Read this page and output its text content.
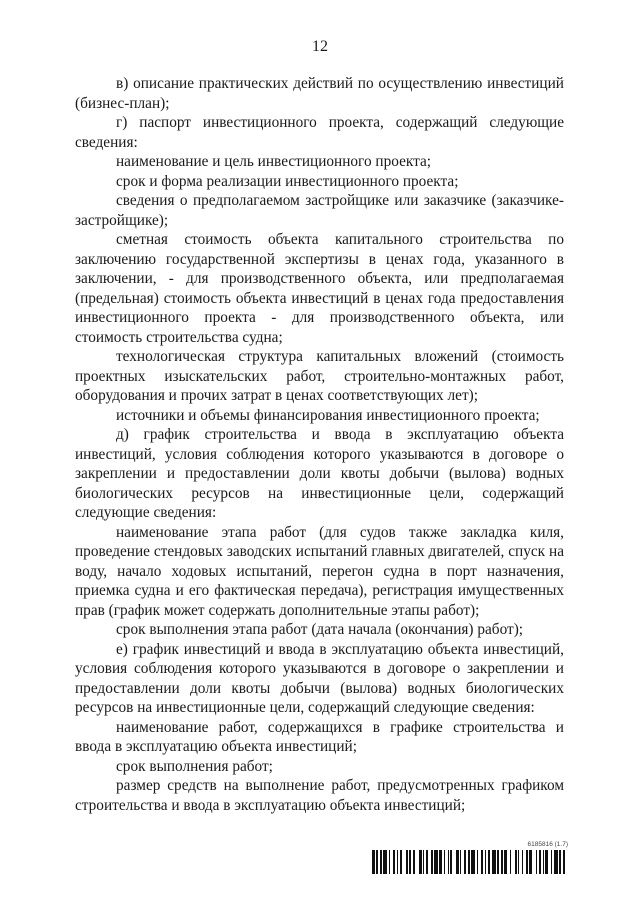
12

в) описание практических действий по осуществлению инвестиций (бизнес-план);

г) паспорт инвестиционного проекта, содержащий следующие сведения:

наименование и цель инвестиционного проекта;

срок и форма реализации инвестиционного проекта;

сведения о предполагаемом застройщике или заказчике (заказчике-застройщике);

сметная стоимость объекта капитального строительства по заключению государственной экспертизы в ценах года, указанного в заключении, - для производственного объекта, или предполагаемая (предельная) стоимость объекта инвестиций в ценах года предоставления инвестиционного проекта - для производственного объекта, или стоимость строительства судна;

технологическая структура капитальных вложений (стоимость проектных изыскательских работ, строительно-монтажных работ, оборудования и прочих затрат в ценах соответствующих лет);

источники и объемы финансирования инвестиционного проекта;

д) график строительства и ввода в эксплуатацию объекта инвестиций, условия соблюдения которого указываются в договоре о закреплении и предоставлении доли квоты добычи (вылова) водных биологических ресурсов на инвестиционные цели, содержащий следующие сведения:

наименование этапа работ (для судов также закладка киля, проведение стендовых заводских испытаний главных двигателей, спуск на воду, начало ходовых испытаний, перегон судна в порт назначения, приемка судна и его фактическая передача), регистрация имущественных прав (график может содержать дополнительные этапы работ);

срок выполнения этапа работ (дата начала (окончания) работ);

е) график инвестиций и ввода в эксплуатацию объекта инвестиций, условия соблюдения которого указываются в договоре о закреплении и предоставлении доли квоты добычи (вылова) водных биологических ресурсов на инвестиционные цели, содержащий следующие сведения:

наименование работ, содержащихся в графике строительства и ввода в эксплуатацию объекта инвестиций;

срок выполнения работ;

размер средств на выполнение работ, предусмотренных графиком строительства и ввода в эксплуатацию объекта инвестиций;

6185816 (1.7)
